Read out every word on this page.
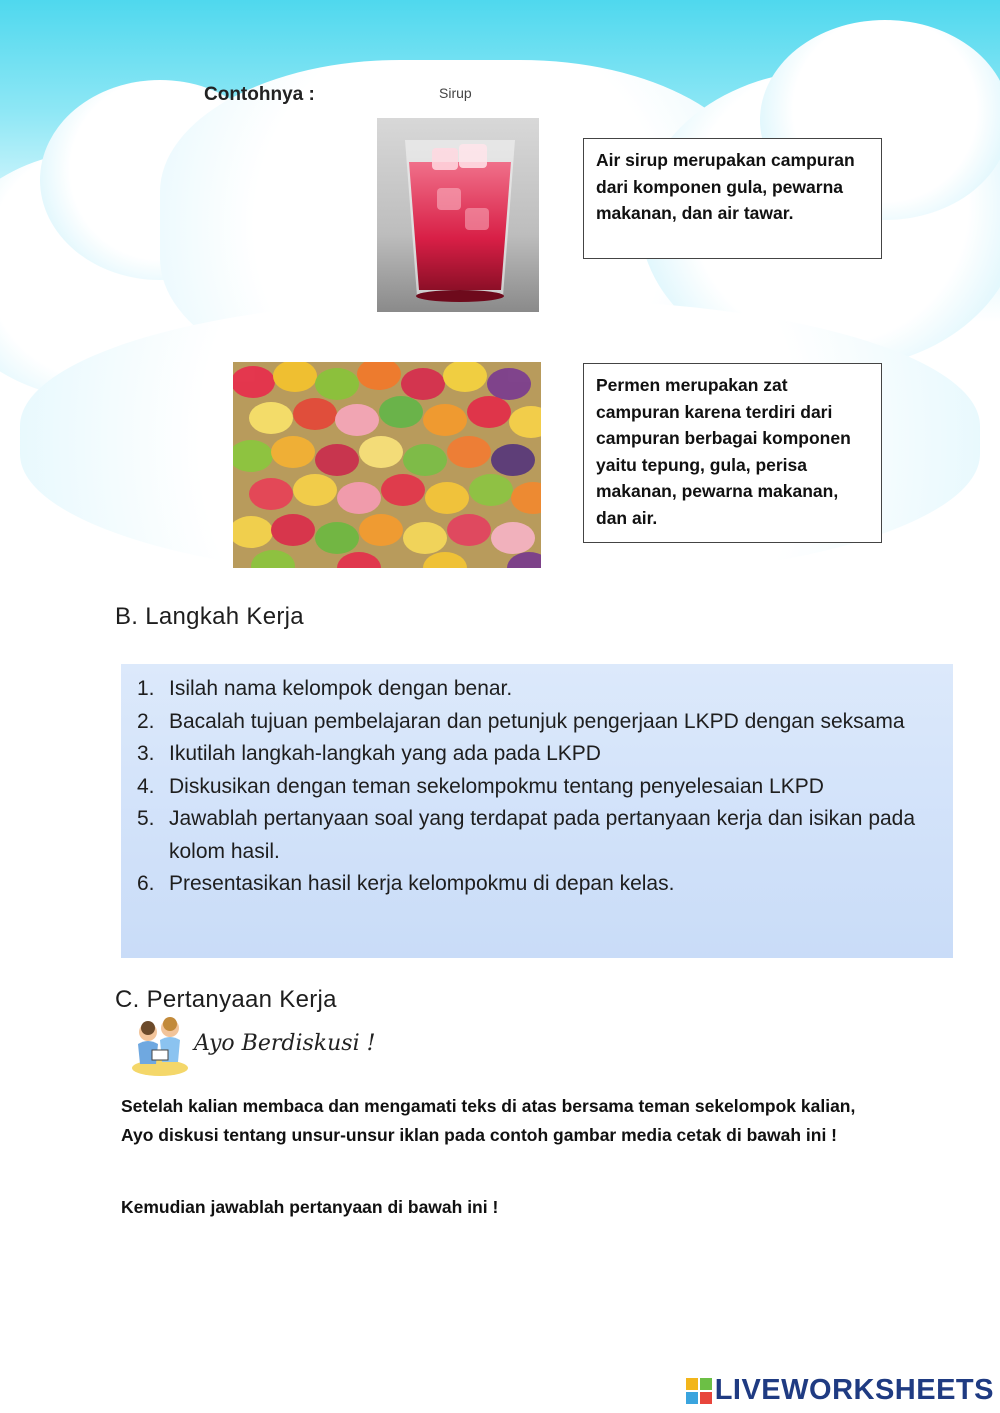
Contohnya :	Sirup
Air sirup merupakan campuran dari komponen gula, pewarna makanan, dan air tawar.
Permen merupakan zat campuran karena terdiri dari campuran berbagai komponen yaitu tepung, gula, perisa makanan, pewarna makanan, dan air.
B. Langkah Kerja
1. Isilah nama kelompok dengan benar.
2. Bacalah tujuan pembelajaran dan petunjuk pengerjaan LKPD dengan seksama
3. Ikutilah langkah-langkah yang ada pada LKPD
4. Diskusikan dengan teman sekelompokmu tentang penyelesaian LKPD
5. Jawablah pertanyaan soal yang terdapat pada pertanyaan kerja dan isikan pada kolom hasil.
6. Presentasikan hasil kerja kelompokmu di depan kelas.
C. Pertanyaan Kerja
Ayo Berdiskusi !
Setelah kalian membaca dan mengamati teks di atas bersama teman sekelompok kalian, Ayo diskusi tentang unsur-unsur iklan pada contoh gambar media cetak di bawah ini !
Kemudian jawablah pertanyaan di bawah ini !
LIVEWORKSHEETS
